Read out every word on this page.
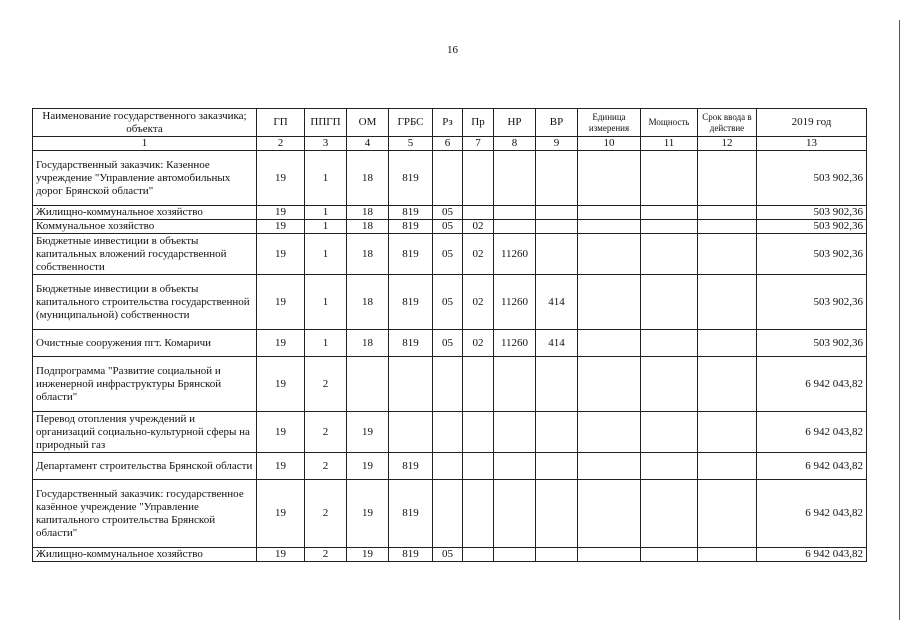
16
Наименование государственного заказчика; объекта	ГП	ППГП	ОМ	ГРБС	Рз	Пр	НР	ВР	Единица измерения	Мощность	Срок ввода в действие	2019 год
1	2	3	4	5	6	7	8	9	10	11	12	13
Государственный заказчик: Казенное учреждение "Управление автомобильных дорог Брянской области"	19	1	18	819								503 902,36
Жилищно-коммунальное хозяйство	19	1	18	819	05							503 902,36
Коммунальное хозяйство	19	1	18	819	05	02						503 902,36
Бюджетные инвестиции в объекты капитальных вложений государственной собственности	19	1	18	819	05	02	11260					503 902,36
Бюджетные инвестиции в объекты капитального строительства государственной (муниципальной) собственности	19	1	18	819	05	02	11260	414				503 902,36
Очистные сооружения пгт. Комаричи	19	1	18	819	05	02	11260	414				503 902,36
Подпрограмма "Развитие социальной и инженерной инфраструктуры Брянской области"	19	2										6 942 043,82
Перевод отопления учреждений и организаций социально-культурной сферы на природный газ	19	2	19									6 942 043,82
Департамент строительства Брянской области	19	2	19	819								6 942 043,82
Государственный заказчик: государственное казённое учреждение "Управление капитального строительства Брянской области"	19	2	19	819								6 942 043,82
Жилищно-коммунальное хозяйство	19	2	19	819	05							6 942 043,82
